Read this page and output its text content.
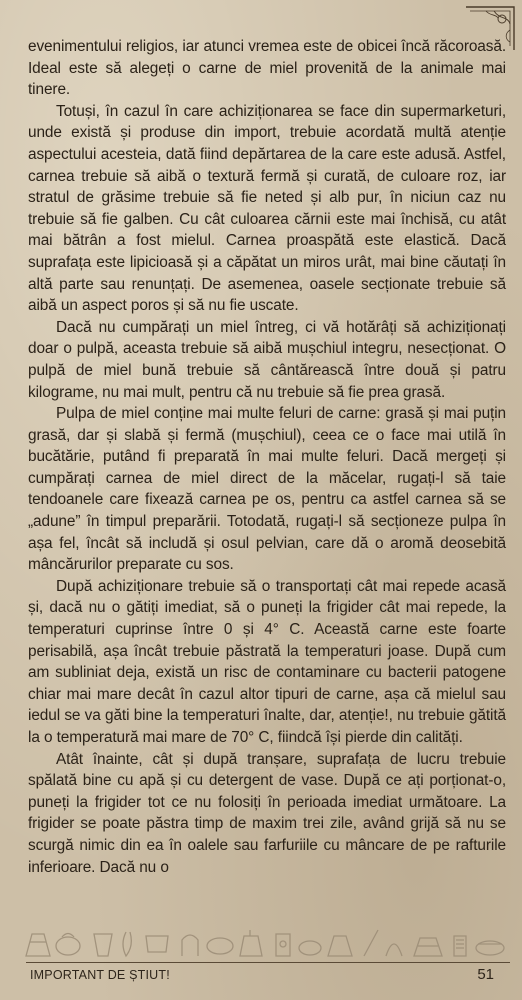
evenimentului religios, iar atunci vremea este de obicei încă răcoroasă. Ideal este să alegeți o carne de miel provenită de la animale mai tinere.

Totuși, în cazul în care achiziționarea se face din supermarketuri, unde există și produse din import, trebuie acordată multă atenție aspectului acesteia, dată fiind depărtarea de la care este adusă. Astfel, carnea trebuie să aibă o textură fermă și curată, de culoare roz, iar stratul de grăsime trebuie să fie neted și alb pur, în niciun caz nu trebuie să fie galben. Cu cât culoarea cărnii este mai închisă, cu atât mai bătrân a fost mielul. Carnea proaspătă este elastică. Dacă suprafața este lipicioasă și a căpătat un miros urât, mai bine căutați în altă parte sau renunțați. De asemenea, oasele secționate trebuie să aibă un aspect poros și să nu fie uscate.

Dacă nu cumpărați un miel întreg, ci vă hotărâți să achiziționați doar o pulpă, aceasta trebuie să aibă mușchiul integru, nesecționat. O pulpă de miel bună trebuie să cântărească între două și patru kilograme, nu mai mult, pentru că nu trebuie să fie prea grasă.

Pulpa de miel conține mai multe feluri de carne: grasă și mai puțin grasă, dar și slabă și fermă (mușchiul), ceea ce o face mai utilă în bucătărie, putând fi preparată în mai multe feluri. Dacă mergeți și cumpărați carnea de miel direct de la măcelar, rugați-l să taie tendoanele care fixează carnea pe os, pentru ca astfel carnea să se „adune” în timpul preparării. Totodată, rugați-l să secționeze pulpa în așa fel, încât să includă și osul pelvian, care dă o aromă deosebită mâncărurilor preparate cu sos.

După achiziționare trebuie să o transportați cât mai repede acasă și, dacă nu o gătiți imediat, să o puneți la frigider cât mai repede, la temperaturi cuprinse între 0 și 4° C. Această carne este foarte perisabilă, așa încât trebuie păstrată la temperaturi joase. După cum am subliniat deja, există un risc de contaminare cu bacterii patogene chiar mai mare decât în cazul altor tipuri de carne, așa că mielul sau iedul se va găti bine la temperaturi înalte, dar, atenție!, nu trebuie gătită la o temperatură mai mare de 70° C, fiindcă își pierde din calități.

Atât înainte, cât și după tranșare, suprafața de lucru trebuie spălată bine cu apă și cu detergent de vase. După ce ați porționat-o, puneți la frigider tot ce nu folosiți în perioada imediat următoare. La frigider se poate păstra timp de maxim trei zile, având grijă să nu se scurgă nimic din ea în oalele sau farfuriile cu mâncare de pe rafturile inferioare. Dacă nu o

IMPORTANT DE ȘTIUT!	51
